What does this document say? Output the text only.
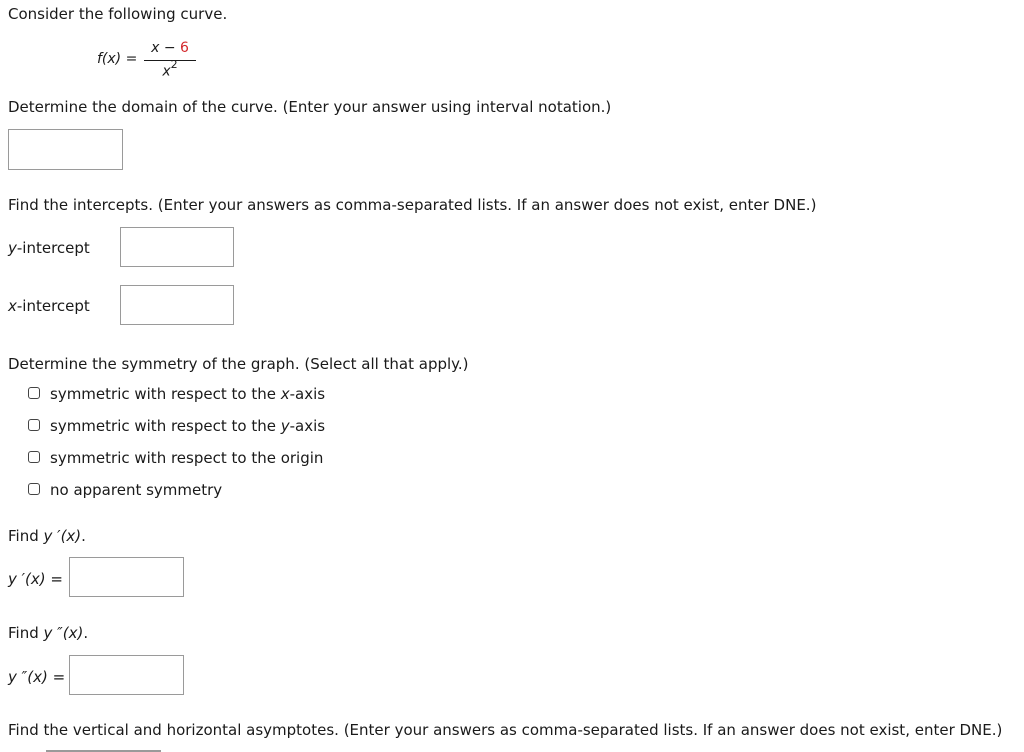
Consider the following curve.
f(x) =
x − 6
$x^2$
Determine the domain of the curve. (Enter your answer using interval notation.)
Find the intercepts. (Enter your answers as comma-separated lists. If an answer does not exist, enter DNE.)
y-intercept
x-intercept
Determine the symmetry of the graph. (Select all that apply.)
symmetric with respect to the x-axis
symmetric with respect to the y-axis
symmetric with respect to the origin
no apparent symmetry
Find y ′(x).
y ′(x) =
Find y ″(x).
y ″(x) =
Find the vertical and horizontal asymptotes. (Enter your answers as comma-separated lists. If an answer does not exist, enter DNE.)
